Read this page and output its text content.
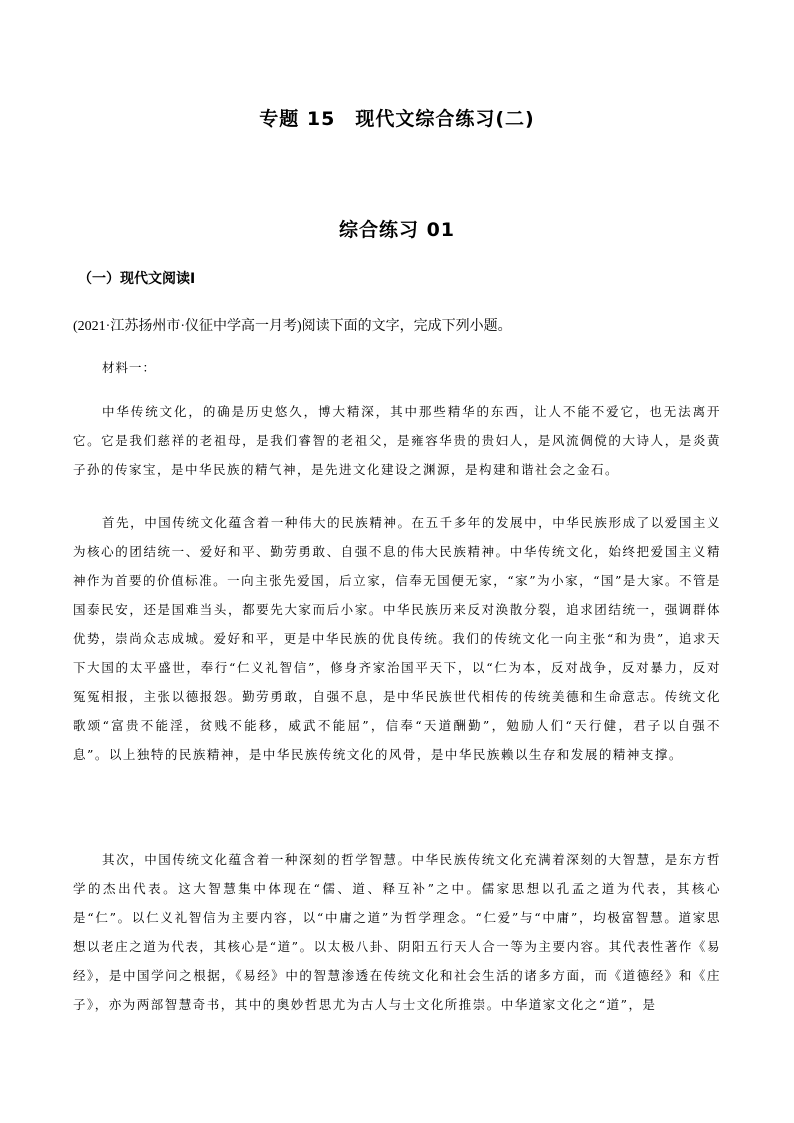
专题 15　现代文综合练习(二)
综合练习 01
（一）现代文阅读Ⅰ
(2021·江苏扬州市·仪征中学高一月考)阅读下面的文字，完成下列小题。
材料一：

中华传统文化，的确是历史悠久，博大精深，其中那些精华的东西，让人不能不爱它，也无法离开它。它是我们慈祥的老祖母，是我们睿智的老祖父，是雍容华贵的贵妇人，是风流倜傥的大诗人，是炎黄子孙的传家宝，是中华民族的精气神，是先进文化建设之渊源，是构建和谐社会之金石。

首先，中国传统文化蕴含着一种伟大的民族精神。在五千多年的发展中，中华民族形成了以爱国主义为核心的团结统一、爱好和平、勤劳勇敢、自强不息的伟大民族精神。中华传统文化，始终把爱国主义精神作为首要的价值标准。一向主张先爱国，后立家，信奉无国便无家，“家”为小家，“国”是大家。不管是国泰民安，还是国难当头，都要先大家而后小家。中华民族历来反对涣散分裂，追求团结统一，强调群体优势，崇尚众志成城。爱好和平，更是中华民族的优良传统。我们的传统文化一向主张“和为贵”，追求天下大国的太平盛世，奉行“仁义礼智信”，修身齐家治国平天下，以“仁为本，反对战争，反对暴力，反对冤冤相报，主张以德报怨。勤劳勇敢，自强不息，是中华民族世代相传的传统美德和生命意志。传统文化歌颂“富贵不能淫，贫贱不能移，威武不能屈”，信奉“天道酬勤”，勉励人们“天行健，君子以自强不息”。以上独特的民族精神，是中华民族传统文化的风骨，是中华民族赖以生存和发展的精神支撑。

其次，中国传统文化蕴含着一种深刻的哲学智慧。中华民族传统文化充满着深刻的大智慧，是东方哲学的杰出代表。这大智慧集中体现在“儒、道、释互补”之中。儒家思想以孔孟之道为代表，其核心是“仁”。以仁义礼智信为主要内容，以“中庸之道”为哲学理念。“仁爱”与“中庸”，均极富智慧。道家思想以老庄之道为代表，其核心是“道”。以太极八卦、阴阳五行天人合一等为主要内容。其代表性著作《易经》，是中国学问之根据，《易经》中的智慧渗透在传统文化和社会生活的诸多方面，而《道德经》和《庄子》，亦为两部智慧奇书，其中的奥妙哲思尤为古人与士文化所推崇。中华道家文化之“道”，是
